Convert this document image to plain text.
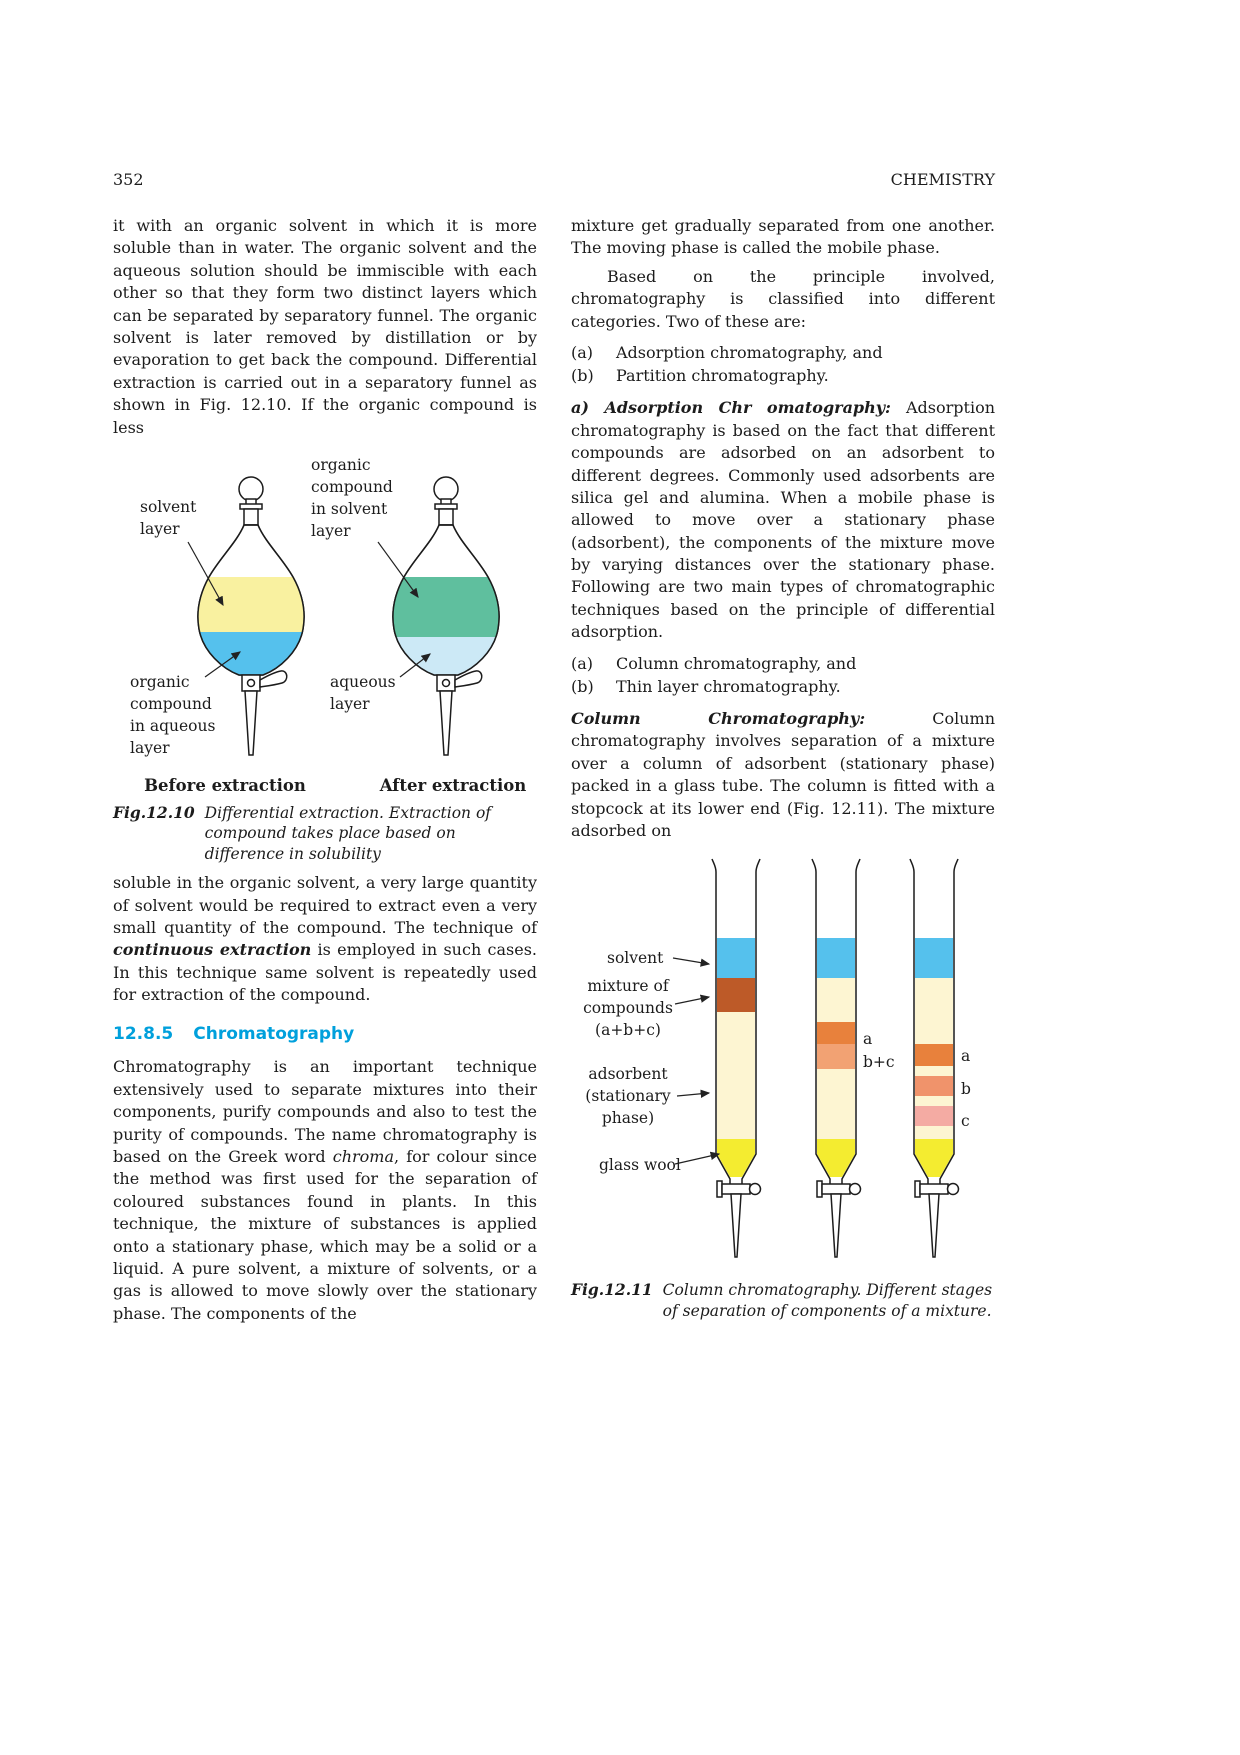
352	CHEMISTRY

it with an organic solvent in which it is more soluble than in water. The organic solvent and the aqueous solution should be immiscible with each other so that they form two distinct layers which can be separated by separatory funnel. The organic solvent is later removed by distillation or by evaporation to get back the compound. Differential extraction is carried out in a separatory funnel as shown in Fig. 12.10. If the organic compound is less

solvent
layer
organic
compound
in solvent
layer
organic
compound
in aqueous
layer
aqueous
layer
Before extraction	After extraction
Fig.12.10 Differential extraction. Extraction of compound takes place based on difference in solubility

soluble in the organic solvent, a very large quantity of solvent would be required to extract even a very small quantity of the compound. The technique of continuous extraction is employed in such cases. In this technique same solvent is repeatedly used for extraction of the compound.

12.8.5 Chromatography

Chromatography is an important technique extensively used to separate mixtures into their components, purify compounds and also to test the purity of compounds. The name chromatography is based on the Greek word chroma, for colour since the method was first used for the separation of coloured substances found in plants. In this technique, the mixture of substances is applied onto a stationary phase, which may be a solid or a liquid. A pure solvent, a mixture of solvents, or a gas is allowed to move slowly over the stationary phase. The components of the

mixture get gradually separated from one another. The moving phase is called the mobile phase.

Based on the principle involved, chromatography is classified into different categories. Two of these are:

(a)	Adsorption chromatography, and
(b)	Partition chromatography.

a) Adsorption Chr omatography: Adsorption chromatography is based on the fact that different compounds are adsorbed on an adsorbent to different degrees. Commonly used adsorbents are silica gel and alumina. When a mobile phase is allowed to move over a stationary phase (adsorbent), the components of the mixture move by varying distances over the stationary phase. Following are two main types of chromatographic techniques based on the principle of differential adsorption.

(a)	Column chromatography, and
(b)	Thin layer chromatography.

Column Chromatography: Column chromatography involves separation of a mixture over a column of adsorbent (stationary phase) packed in a glass tube. The column is fitted with a stopcock at its lower end (Fig. 12.11). The mixture adsorbed on

solvent
mixture of
compounds
(a+b+c)
adsorbent
(stationary
phase)
glass wool
a
b+c	a
b
c
Fig.12.11 Column chromatography. Different stages of separation of components of a mixture.
